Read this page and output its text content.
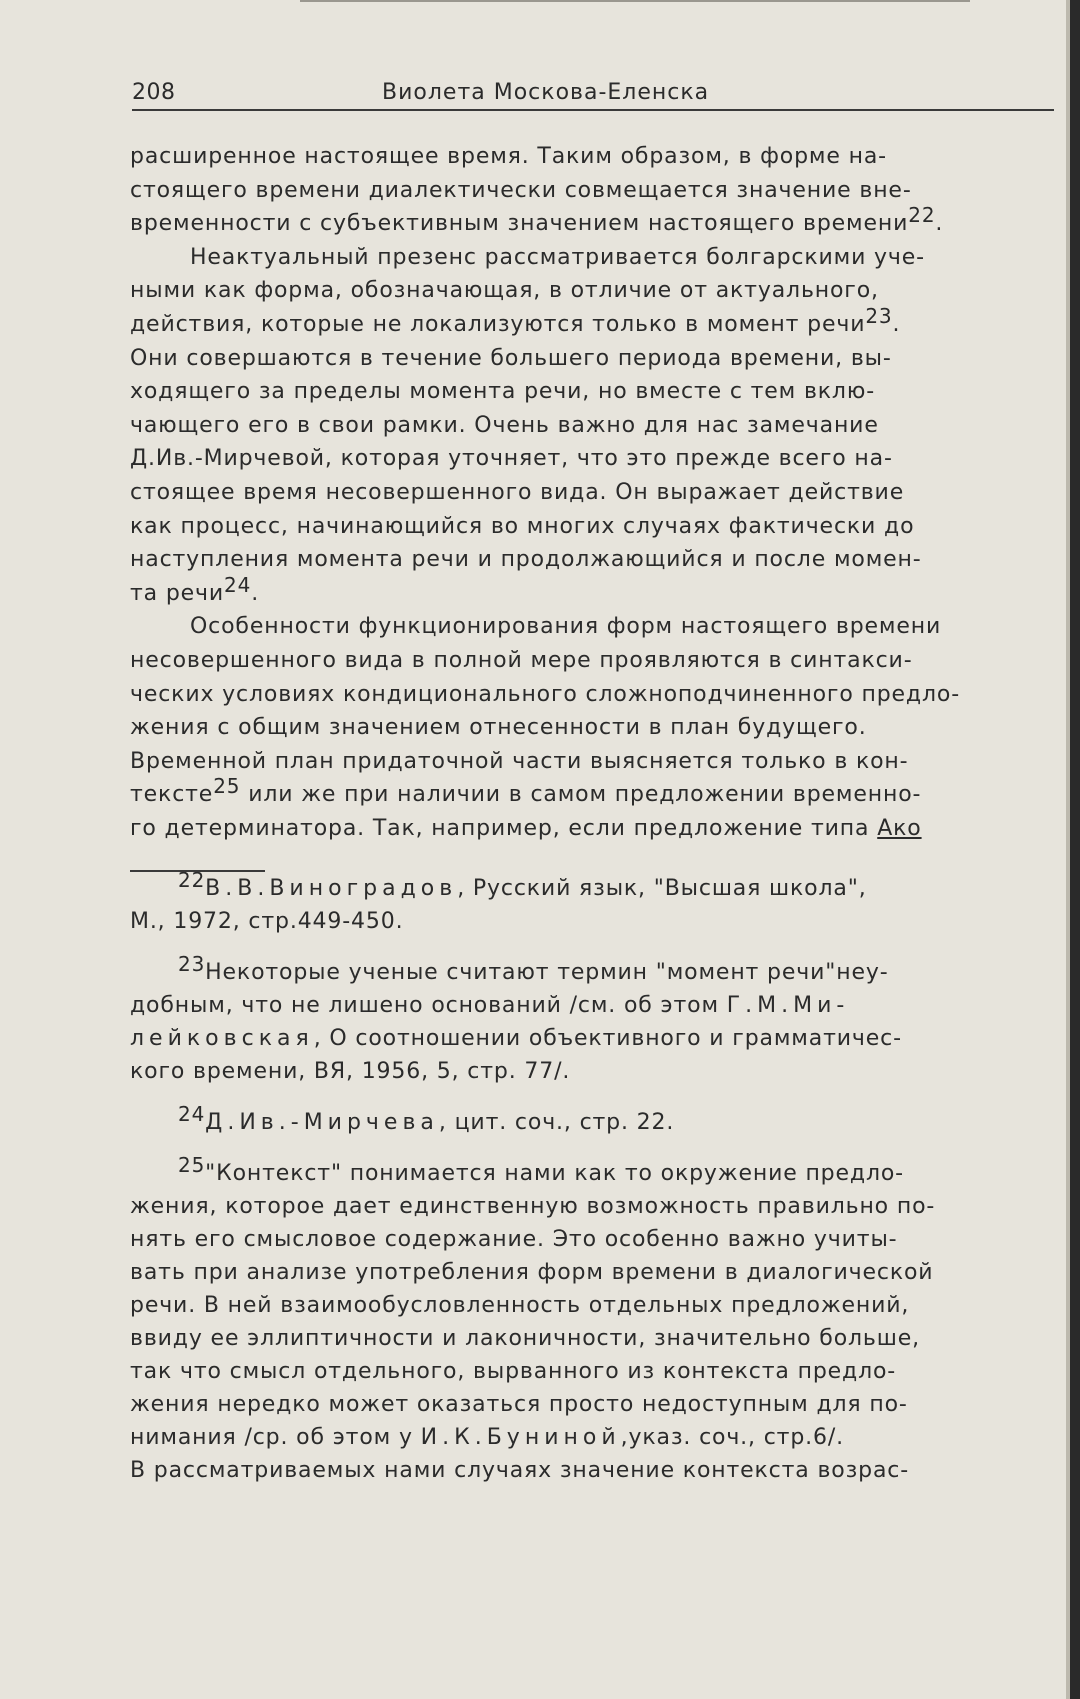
208	Виолета Москова-Еленска
расширенное настоящее время. Таким образом, в форме на-
стоящего времени диалектически совмещается значение вне-
временности с субъективным значением настоящего времени$^{22}$.
Неактуальный презенс рассматривается болгарскими уче-
ными как форма, обозначающая, в отличие от актуального,
действия, которые не локализуются только в момент речи$^{23}$.
Они совершаются в течение большего периода времени, вы-
ходящего за пределы момента речи, но вместе с тем вклю-
чающего его в свои рамки. Очень важно для нас замечание
Д.Ив.-Мирчевой, которая уточняет, что это прежде всего на-
стоящее время несовершенного вида. Он выражает действие
как процесс, начинающийся во многих случаях фактически до
наступления момента речи и продолжающийся и после момен-
та речи$^{24}$.
Особенности функционирования форм настоящего времени
несовершенного вида в полной мере проявляются в синтакси-
ческих условиях кондиционального сложноподчиненного предло-
жения с общим значением отнесенности в план будущего.
Временной план придаточной части выясняется только в кон-
тексте$^{25}$ или же при наличии в самом предложении временно-
го детерминатора. Так, например, если предложение типа Ако
$^{22}$В.В.Виноградов, Русский язык, "Высшая школа",
М., 1972, стр.449-450.
$^{23}$Некоторые ученые считают термин "момент речи"неу-
добным, что не лишено оснований /см. об этом Г.М.Ми-
лейковская, О соотношении объективного и грамматичес-
кого времени, ВЯ, 1956, 5, стр. 77/.
$^{24}$Д.Ив.-Мирчева, цит. соч., стр. 22.
$^{25}$"Контекст" понимается нами как то окружение предло-
жения, которое дает единственную возможность правильно по-
нять его смысловое содержание. Это особенно важно учиты-
вать при анализе употребления форм времени в диалогической
речи. В ней взаимообусловленность отдельных предложений,
ввиду ее эллиптичности и лаконичности, значительно больше,
так что смысл отдельного, вырванного из контекста предло-
жения нередко может оказаться просто недоступным для по-
нимания /ср. об этом у И.К.Буниной,указ. соч., стр.6/.
В рассматриваемых нами случаях значение контекста возрас-
